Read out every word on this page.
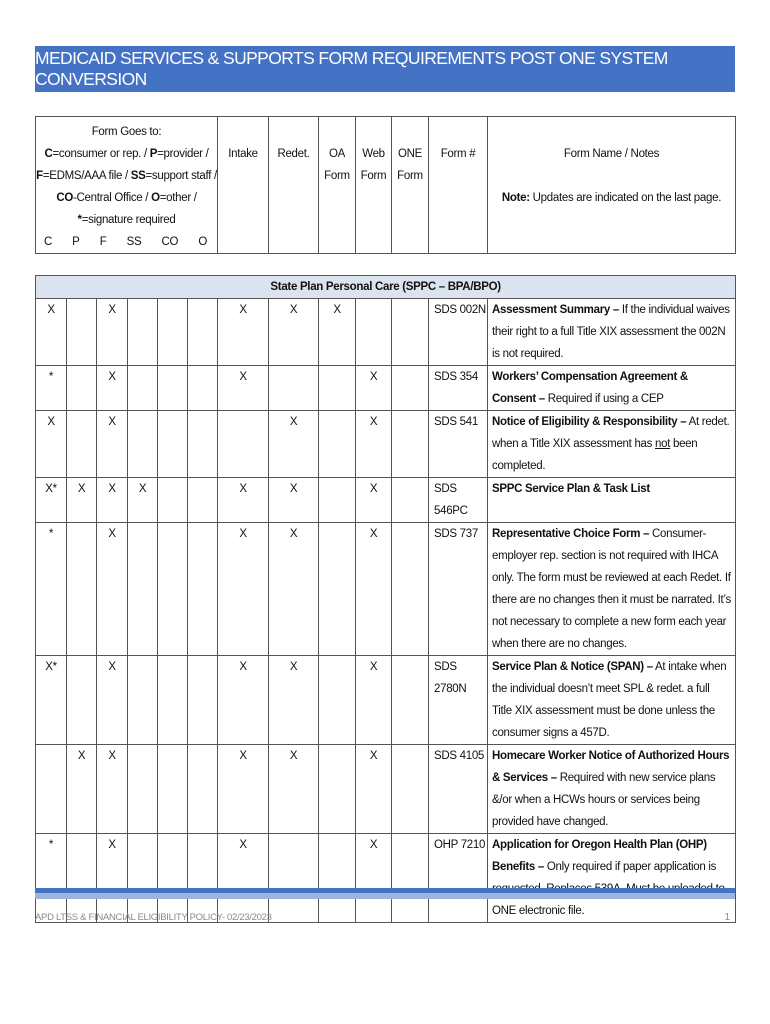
MEDICAID SERVICES & SUPPORTS FORM REQUIREMENTS POST ONE SYSTEM CONVERSION
Form Goes to:
C=consumer or rep. / P=provider /
F=EDMS/AAA file / SS=support staff /
CO-Central Office / O=other /
*=signature required
C P F SS CO O
	Intake	Redet.	OA Form	Web Form	ONE Form	Form #	Form Name / Notes
Note: Updates are indicated on the last page.
State Plan Personal Care (SPPC – BPA/BPO)												
X		X				X	X	X			SDS 002N	Assessment Summary – If the individual waives their right to a full Title XIX assessment the 002N is not required.
*		X				X			X		SDS 354	Workers’ Compensation Agreement & Consent – Required if using a CEP
X		X					X		X		SDS 541	Notice of Eligibility & Responsibility – At redet. when a Title XIX assessment has not been completed.
X*	X	X	X			X	X		X		SDS 546PC	SPPC Service Plan & Task List
*		X				X	X		X		SDS 737	Representative Choice Form – Consumer-employer rep. section is not required with IHCA only. The form must be reviewed at each Redet. If there are no changes then it must be narrated. It’s not necessary to complete a new form each year when there are no changes.
X*		X				X	X		X		SDS 2780N	Service Plan & Notice (SPAN) – At intake when the individual doesn’t meet SPL & redet. a full Title XIX assessment must be done unless the consumer signs a 457D.
	X	X				X	X		X		SDS 4105	Homecare Worker Notice of Authorized Hours & Services – Required with new service plans &/or when a HCWs hours or services being provided have changed.
*		X				X			X		OHP 7210	Application for Oregon Health Plan (OHP) Benefits – Only required if paper application is ONE electronic file.
APD LTSS & FINANCIAL ELIGIBILITY POLICY- 02/23/2023	1
